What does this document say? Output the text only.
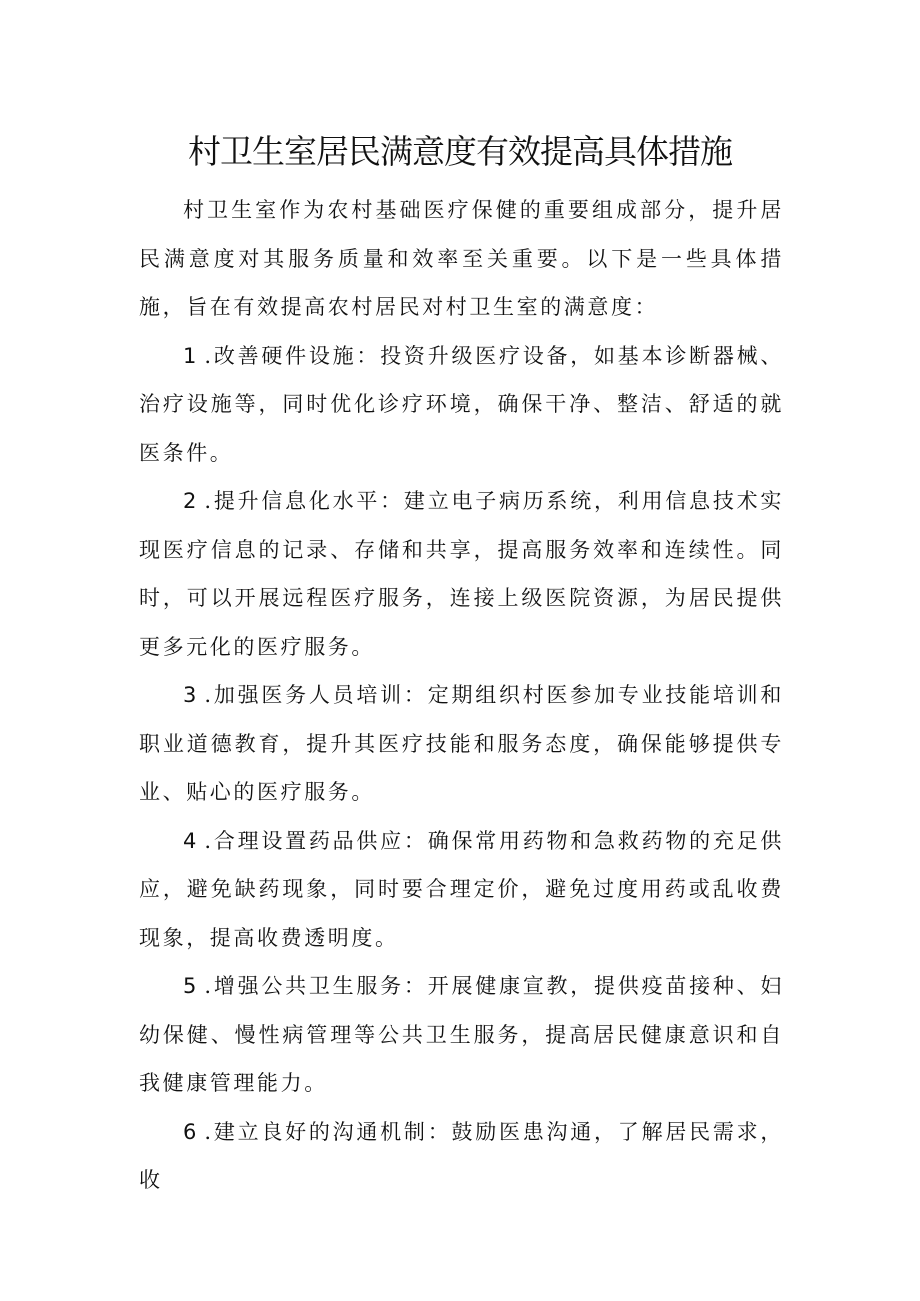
村卫生室居民满意度有效提高具体措施

村卫生室作为农村基础医疗保健的重要组成部分，提升居民满意度对其服务质量和效率至关重要。以下是一些具体措施，旨在有效提高农村居民对村卫生室的满意度：

1.改善硬件设施：投资升级医疗设备，如基本诊断器械、治疗设施等，同时优化诊疗环境，确保干净、整洁、舒适的就医条件。

2.提升信息化水平：建立电子病历系统，利用信息技术实现医疗信息的记录、存储和共享，提高服务效率和连续性。同时，可以开展远程医疗服务，连接上级医院资源，为居民提供更多元化的医疗服务。

3.加强医务人员培训：定期组织村医参加专业技能培训和职业道德教育，提升其医疗技能和服务态度，确保能够提供专业、贴心的医疗服务。

4.合理设置药品供应：确保常用药物和急救药物的充足供应，避免缺药现象，同时要合理定价，避免过度用药或乱收费现象，提高收费透明度。

5.增强公共卫生服务：开展健康宣教，提供疫苗接种、妇幼保健、慢性病管理等公共卫生服务，提高居民健康意识和自我健康管理能力。

6.建立良好的沟通机制：鼓励医患沟通，了解居民需求，收
